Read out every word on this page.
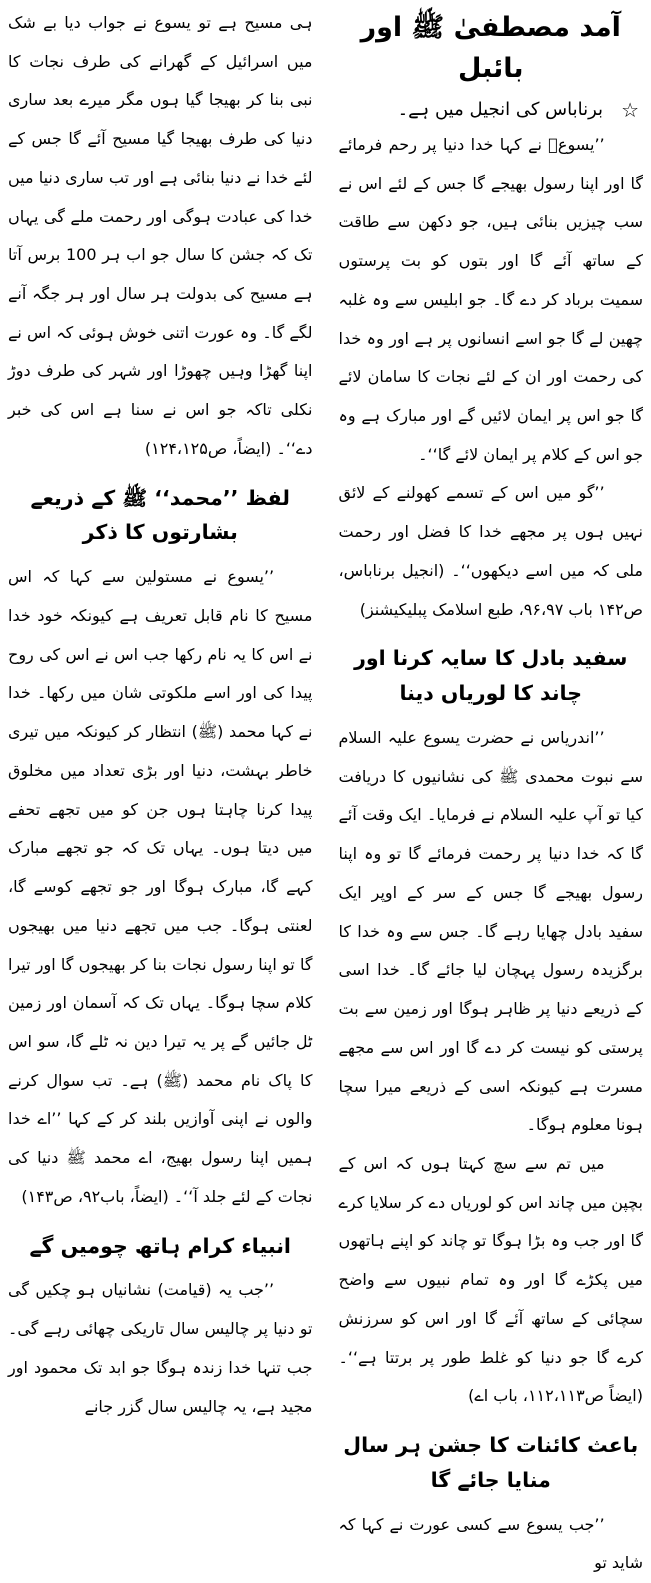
آمد مصطفیٰ ﷺ اور بائبل
☆
برناباس کی انجیل میں ہے۔

’’یسوعؑ نے کہا خدا دنیا پر رحم فرمائے گا اور اپنا رسول بھیجے گا جس کے لئے اس نے سب چیزیں بنائی ہیں، جو دکھن سے طاقت کے ساتھ آئے گا اور بتوں کو بت پرستوں سمیت برباد کر دے گا۔ جو ابلیس سے وہ غلبہ چھین لے گا جو اسے انسانوں پر ہے اور وہ خدا کی رحمت اور ان کے لئے نجات کا سامان لائے گا جو اس پر ایمان لائیں گے اور مبارک ہے وہ جو اس کے کلام پر ایمان لائے گا‘‘۔

’’گو میں اس کے تسمے کھولنے کے لائق نہیں ہوں پر مجھے خدا کا فضل اور رحمت ملی کہ میں اسے دیکھوں‘‘۔ (انجیل برناباس، ص۱۴۲ باب ۹۶،۹۷، طبع اسلامک پبلیکیشنز)

سفید بادل کا سایہ کرنا اور چاند کا لوریاں دینا

’’اندریاس نے حضرت یسوع علیہ السلام سے نبوت محمدی ﷺ کی نشانیوں کا دریافت کیا تو آپ علیہ السلام نے فرمایا۔ ایک وقت آئے گا کہ خدا دنیا پر رحمت فرمائے گا تو وہ اپنا رسول بھیجے گا جس کے سر کے اوپر ایک سفید بادل چھایا رہے گا۔ جس سے وہ خدا کا برگزیدہ رسول پہچان لیا جائے گا۔ خدا اسی کے ذریعے دنیا پر ظاہر ہوگا اور زمین سے بت پرستی کو نیست کر دے گا اور اس سے مجھے مسرت ہے کیونکہ اسی کے ذریعے میرا سچا ہونا معلوم ہوگا۔

میں تم سے سچ کہتا ہوں کہ اس کے بچپن میں چاند اس کو لوریاں دے کر سلایا کرے گا اور جب وہ بڑا ہوگا تو چاند کو اپنے ہاتھوں میں پکڑے گا اور وہ تمام نبیوں سے واضح سچائی کے ساتھ آئے گا اور اس کو سرزنش کرے گا جو دنیا کو غلط طور پر برتتا ہے‘‘۔ (ایضاً ص۱۱۲،۱۱۳، باب اے)

باعث کائنات کا جشن ہر سال منایا جائے گا

’’جب یسوع سے کسی عورت نے کہا کہ شاید تو

ہی مسیح ہے تو یسوع نے جواب دیا بے شک میں اسرائیل کے گھرانے کی طرف نجات کا نبی بنا کر بھیجا گیا ہوں مگر میرے بعد ساری دنیا کی طرف بھیجا گیا مسیح آئے گا جس کے لئے خدا نے دنیا بنائی ہے اور تب ساری دنیا میں خدا کی عبادت ہوگی اور رحمت ملے گی یہاں تک کہ جشن کا سال جو اب ہر 100 برس آتا ہے مسیح کی بدولت ہر سال اور ہر جگہ آنے لگے گا۔ وہ عورت اتنی خوش ہوئی کہ اس نے اپنا گھڑا وہیں چھوڑا اور شہر کی طرف دوڑ نکلی تاکہ جو اس نے سنا ہے اس کی خبر دے‘‘۔ (ایضاً، ص۱۲۴،۱۲۵)

لفظ ’’محمد‘‘ ﷺ کے ذریعے بشارتوں کا ذکر

’’یسوع نے مستولین سے کہا کہ اس مسیح کا نام قابل تعریف ہے کیونکہ خود خدا نے اس کا یہ نام رکھا جب اس نے اس کی روح پیدا کی اور اسے ملکوتی شان میں رکھا۔ خدا نے کہا محمد (ﷺ) انتظار کر کیونکہ میں تیری خاطر بہشت، دنیا اور بڑی تعداد میں مخلوق پیدا کرنا چاہتا ہوں جن کو میں تجھے تحفے میں دیتا ہوں۔ یہاں تک کہ جو تجھے مبارک کہے گا، مبارک ہوگا اور جو تجھے کوسے گا، لعنتی ہوگا۔ جب میں تجھے دنیا میں بھیجوں گا تو اپنا رسول نجات بنا کر بھیجوں گا اور تیرا کلام سچا ہوگا۔ یہاں تک کہ آسمان اور زمین ٹل جائیں گے پر یہ تیرا دین نہ ٹلے گا، سو اس کا پاک نام محمد (ﷺ) ہے۔ تب سوال کرنے والوں نے اپنی آوازیں بلند کر کے کہا ’’اے خدا ہمیں اپنا رسول بھیج، اے محمد ﷺ دنیا کی نجات کے لئے جلد آ‘‘۔ (ایضاً، باب۹۲، ص۱۴۳)

انبیاء کرام ہاتھ چومیں گے

’’جب یہ (قیامت) نشانیاں ہو چکیں گی تو دنیا پر چالیس سال تاریکی چھائی رہے گی۔ جب تنہا خدا زندہ ہوگا جو ابد تک محمود اور مجید ہے، یہ چالیس سال گزر جانے
